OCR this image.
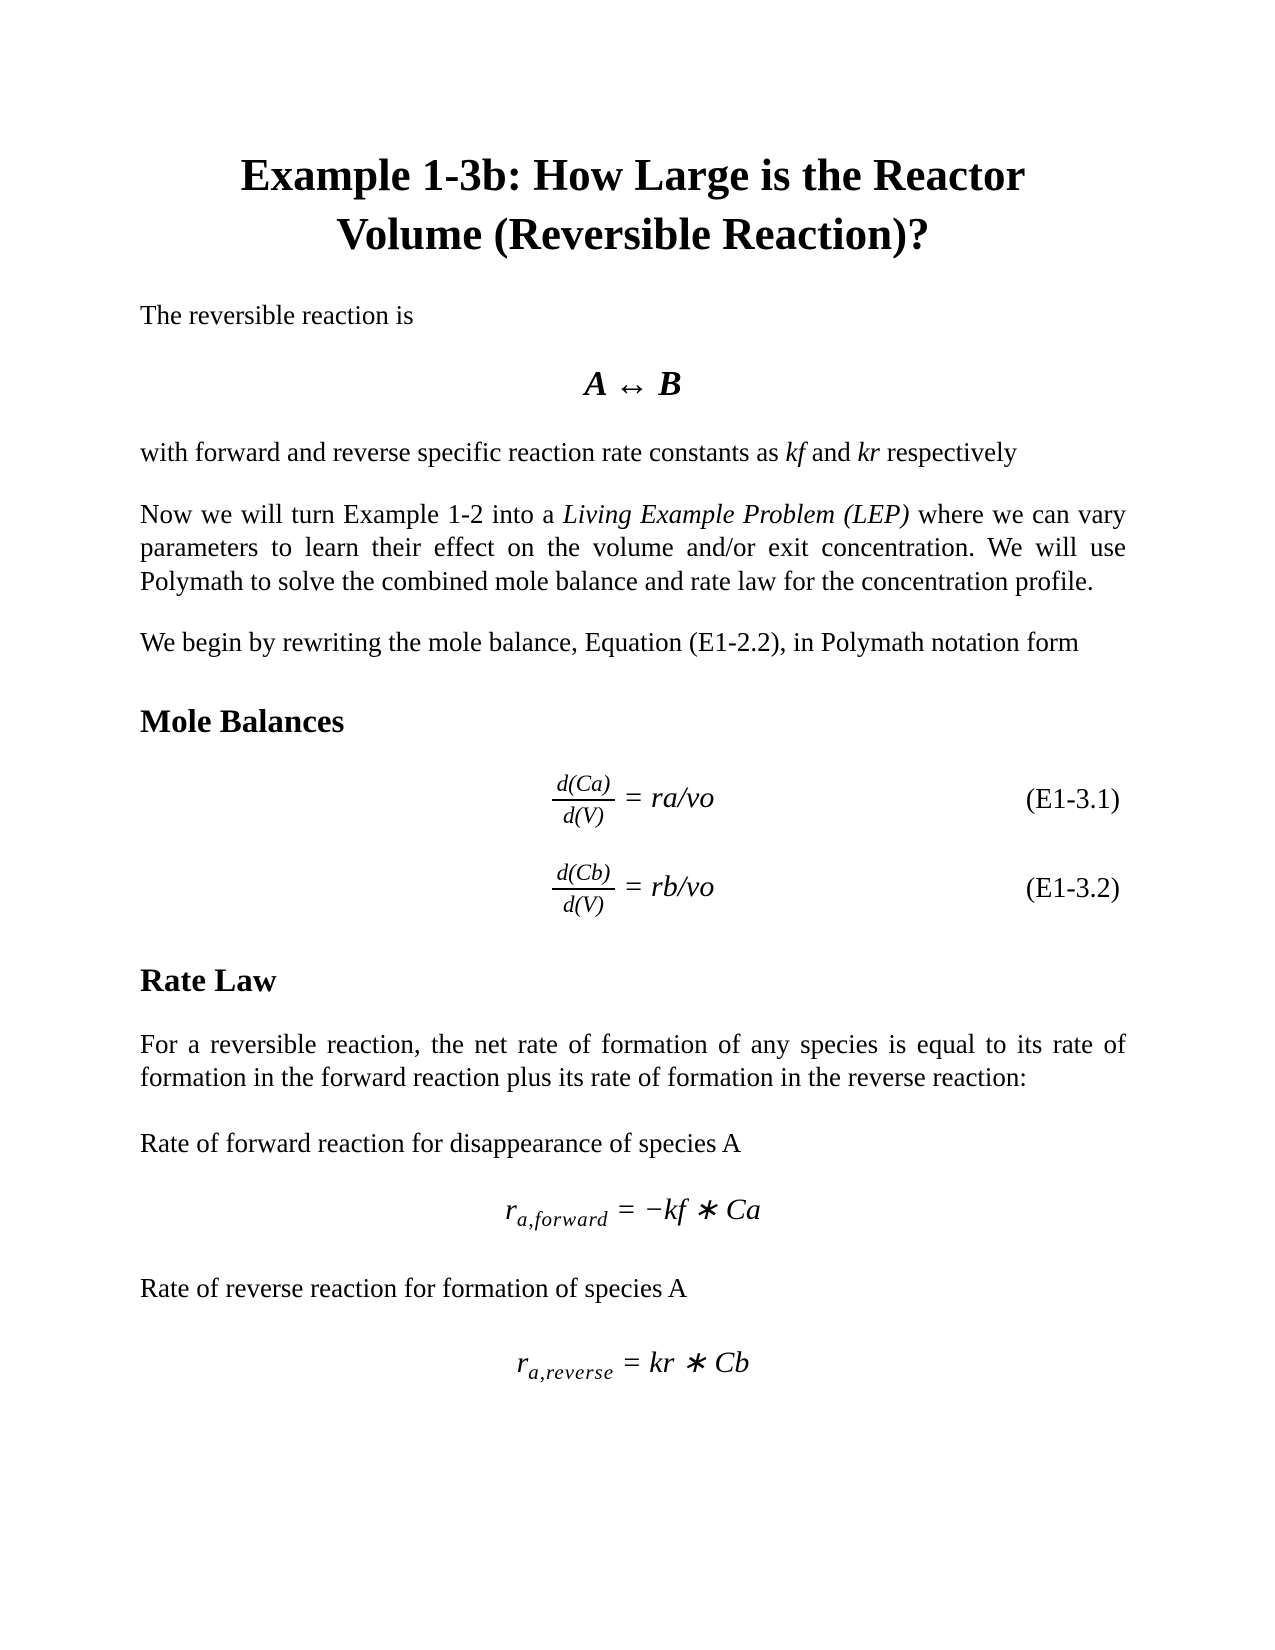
Example 1-3b: How Large is the Reactor
Volume (Reversible Reaction)?

The reversible reaction is

A ↔ B

with forward and reverse specific reaction rate constants as kf and kr respectively

Now we will turn Example 1-2 into a Living Example Problem (LEP) where we can vary parameters to learn their effect on the volume and/or exit concentration. We will use Polymath to solve the combined mole balance and rate law for the concentration profile.

We begin by rewriting the mole balance, Equation (E1-2.2), in Polymath notation form

Mole Balances
$\frac{d(Ca)}{d(V)} = ra/vo$	(E1-3.1)
$\frac{d(Cb)}{d(V)} = rb/vo$	(E1-3.2)
Rate Law

For a reversible reaction, the net rate of formation of any species is equal to its rate of formation in the forward reaction plus its rate of formation in the reverse reaction:

Rate of forward reaction for disappearance of species A

$r_{a,forward} = -kf$ ∗ Ca

Rate of reverse reaction for formation of species A

$r_{a,reverse}$ = kr ∗ Cb
